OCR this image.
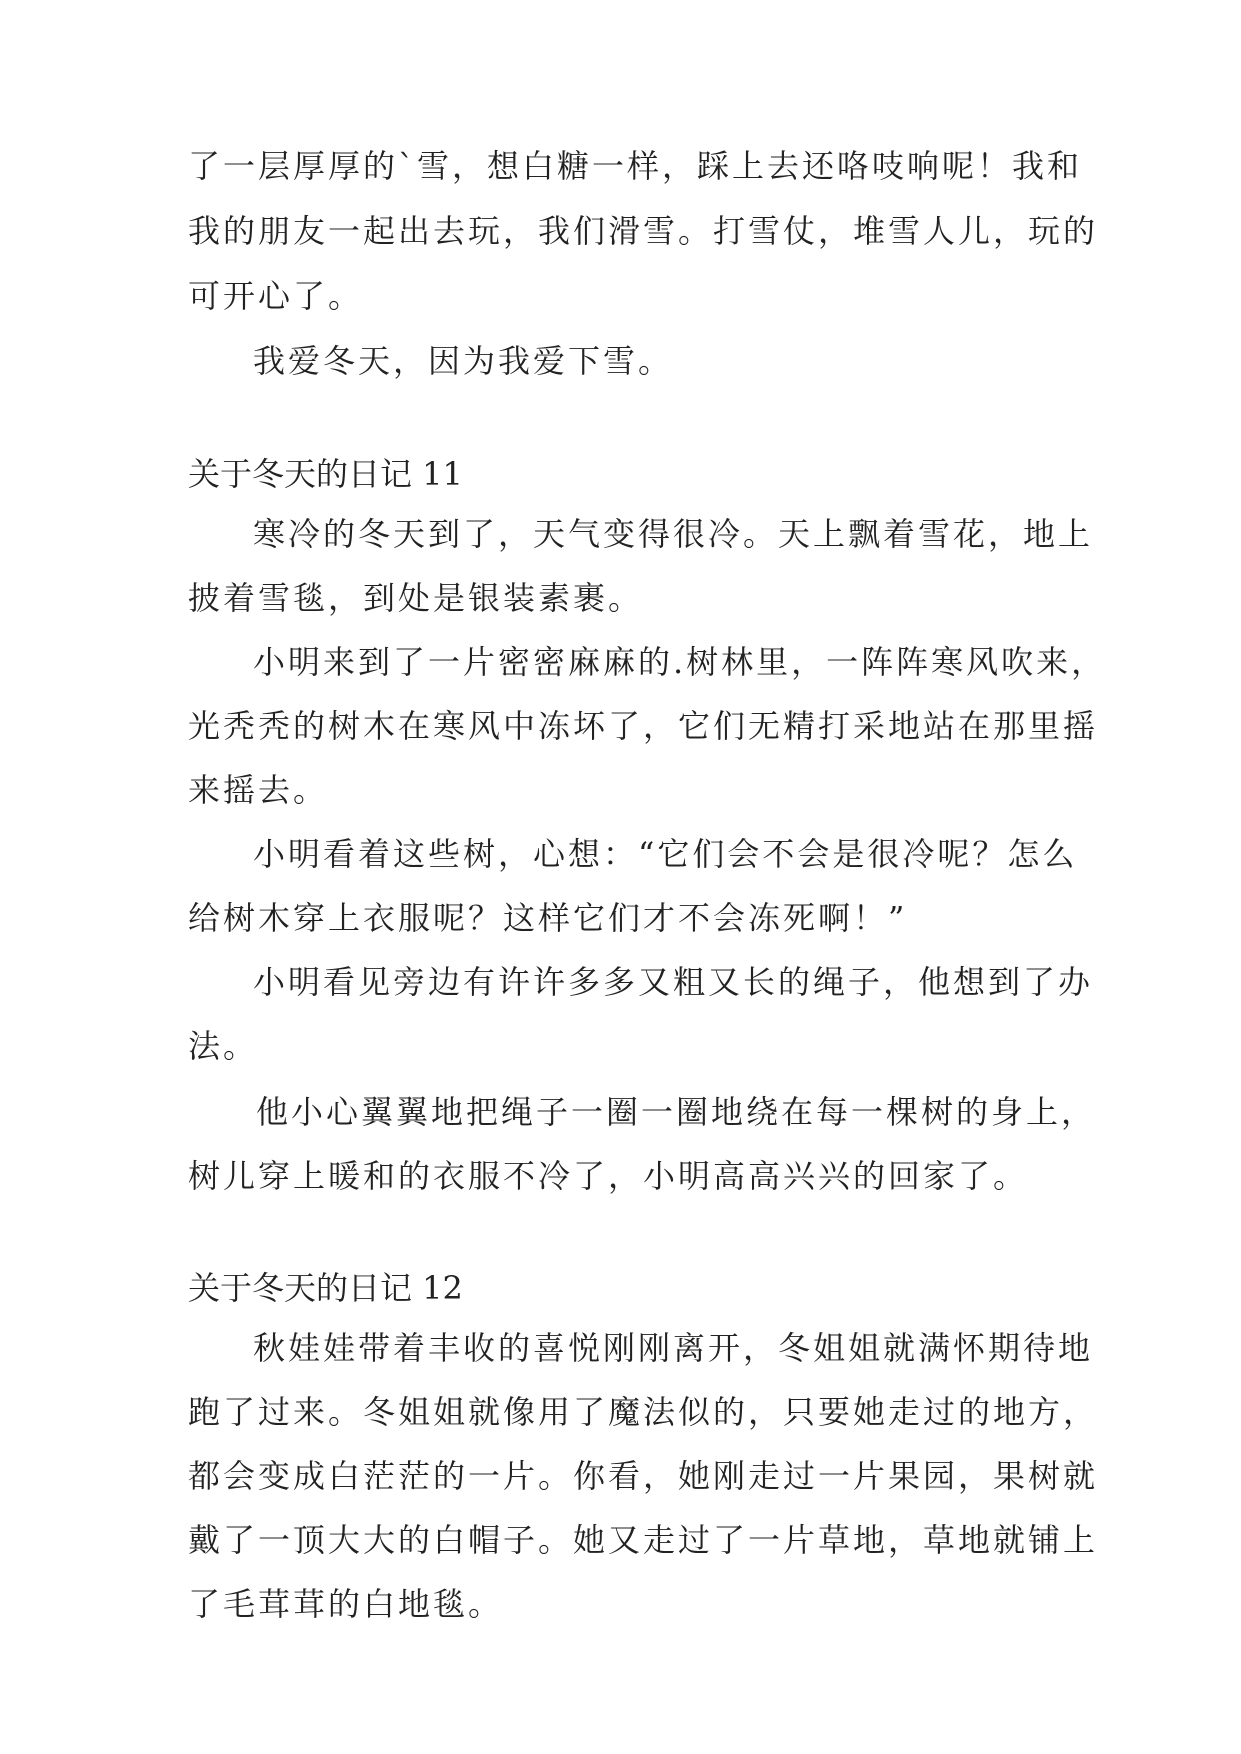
了一层厚厚的`雪，想白糖一样，踩上去还咯吱响呢！我和
我的朋友一起出去玩，我们滑雪。打雪仗，堆雪人儿，玩的
可开心了。
我爱冬天，因为我爱下雪。
关于冬天的日记 11
寒冷的冬天到了，天气变得很冷。天上飘着雪花，地上
披着雪毯，到处是银装素裹。
小明来到了一片密密麻麻的.树林里，一阵阵寒风吹来，
光秃秃的树木在寒风中冻坏了，它们无精打采地站在那里摇
来摇去。
小明看着这些树，心想：“它们会不会是很冷呢？怎么
给树木穿上衣服呢？这样它们才不会冻死啊！”
小明看见旁边有许许多多又粗又长的绳子，他想到了办
法。
他小心翼翼地把绳子一圈一圈地绕在每一棵树的身上，
树儿穿上暖和的衣服不冷了，小明高高兴兴的回家了。
关于冬天的日记 12
秋娃娃带着丰收的喜悦刚刚离开，冬姐姐就满怀期待地
跑了过来。冬姐姐就像用了魔法似的，只要她走过的地方，
都会变成白茫茫的一片。你看，她刚走过一片果园，果树就
戴了一顶大大的白帽子。她又走过了一片草地，草地就铺上
了毛茸茸的白地毯。
